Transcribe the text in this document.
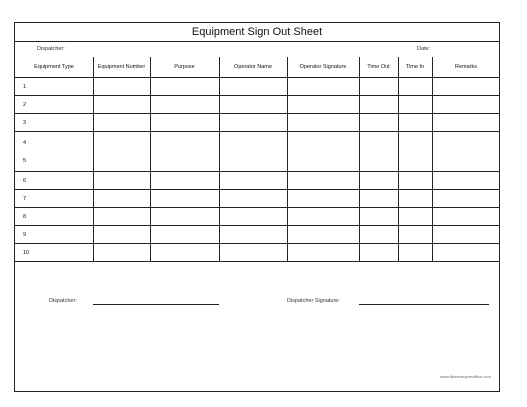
Equipment Sign Out Sheet
Dispatcher:	Date:
Equipment Type	Equipment Number	Purpose	Operator Name	Operator Signature	Time Out	Time In	Remarks
1							
2							
3							

4
5							

6							
7							
8							
9							
10							

Dispatcher:	Dispatcher Signature:
www.fileenvelopesoffice.com
